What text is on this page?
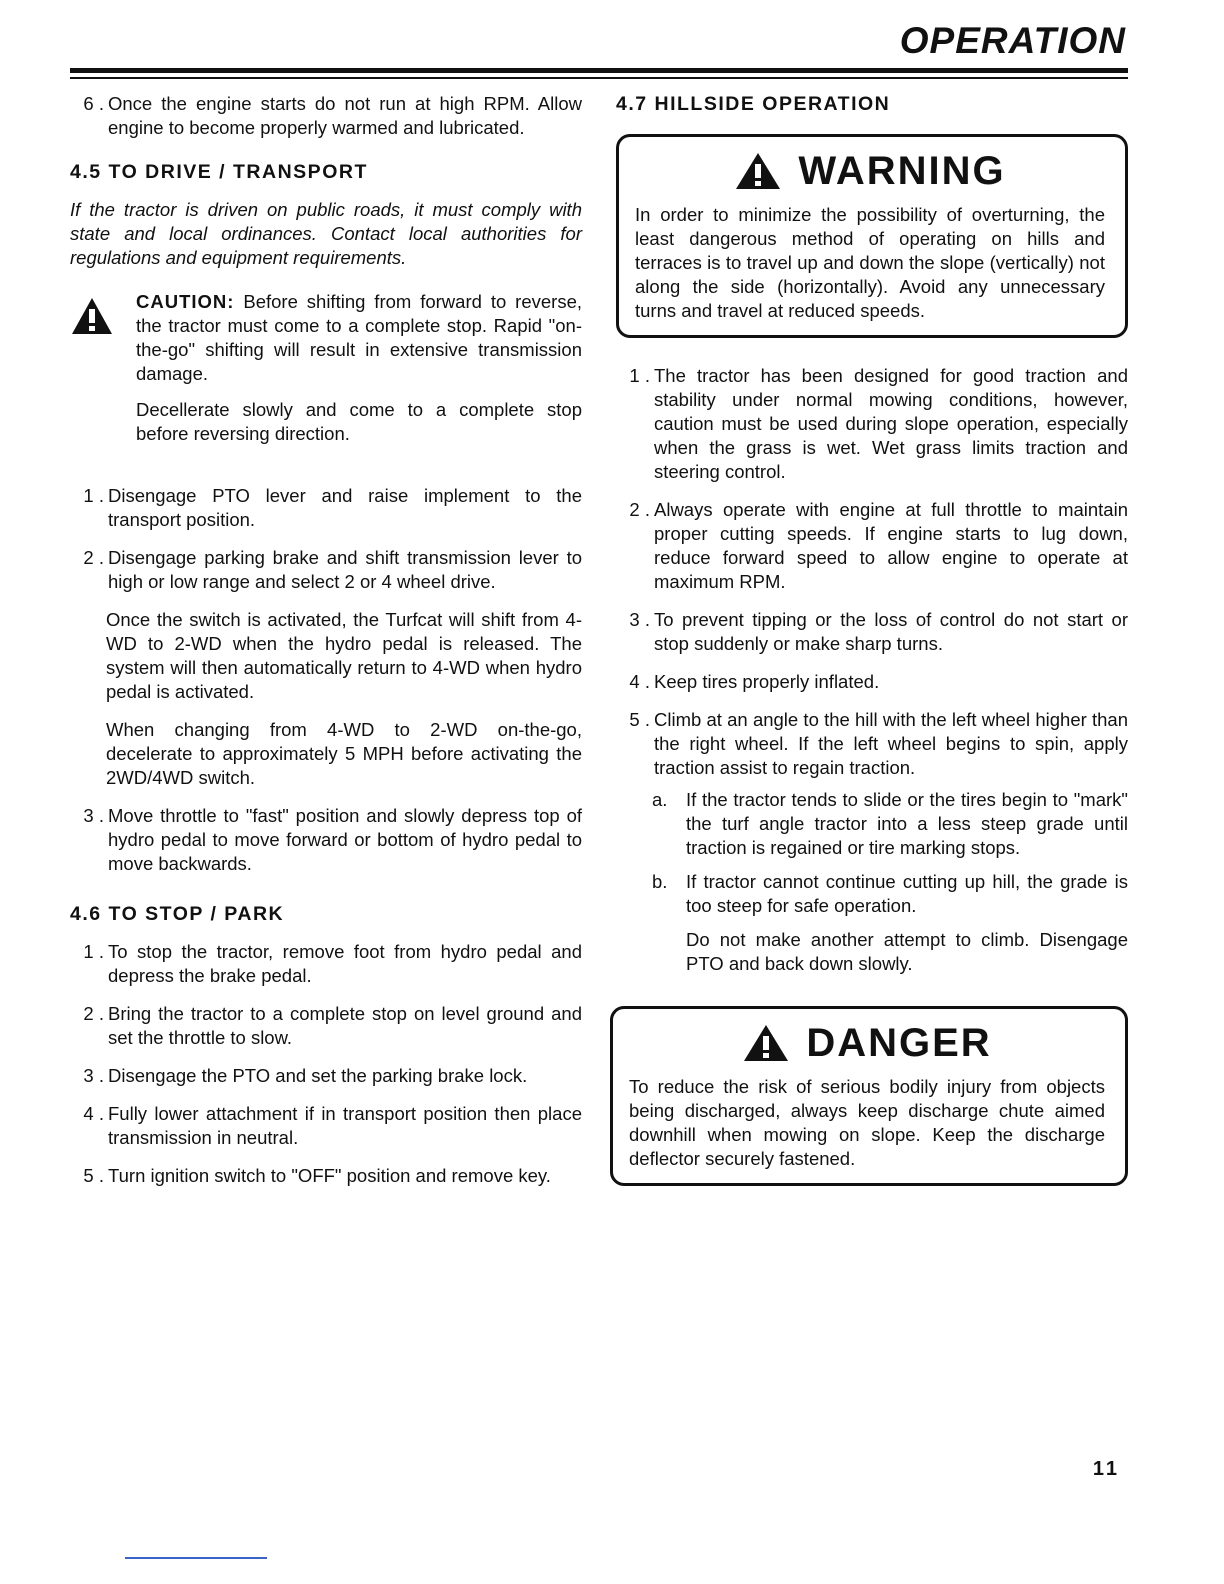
OPERATION
6 . Once the engine starts do not run at high RPM. Allow engine to become properly warmed and lubricated.
4.5 TO DRIVE / TRANSPORT

If the tractor is driven on public roads, it must comply with state and local ordinances. Contact local authorities for regulations and equipment requirements.

CAUTION: Before shifting from forward to reverse, the tractor must come to a complete stop. Rapid "on-the-go" shifting will result in extensive transmission damage.

Decellerate slowly and come to a complete stop before reversing direction.

1 . Disengage PTO lever and raise implement to the transport position.
2 . Disengage parking brake and shift transmission lever to high or low range and select 2 or 4 wheel drive.

Once the switch is activated, the Turfcat will shift from 4-WD to 2-WD when the hydro pedal is released. The system will then automatically return to 4-WD when hydro pedal is activated.

When changing from 4-WD to 2-WD on-the-go, decelerate to approximately 5 MPH before activating the 2WD/4WD switch.

3 . Move throttle to "fast" position and slowly depress top of hydro pedal to move forward or bottom of hydro pedal to move backwards.
4.6 TO STOP / PARK
1 . To stop the tractor, remove foot from hydro pedal and depress the brake pedal.
2 . Bring the tractor to a complete stop on level ground and set the throttle to slow.
3 . Disengage the PTO and set the parking brake lock.
4 . Fully lower attachment if in transport position then place transmission in neutral.
5 . Turn ignition switch to "OFF" position and remove key.
4.7 HILLSIDE OPERATION
WARNING

In order to minimize the possibility of overturning, the least dangerous method of operating on hills and terraces is to travel up and down the slope (vertically) not along the side (horizontally). Avoid any unnecessary turns and travel at reduced speeds.

1 . The tractor has been designed for good traction and stability under normal mowing conditions, however, caution must be used during slope operation, especially when the grass is wet. Wet grass limits traction and steering control.
2 . Always operate with engine at full throttle to maintain proper cutting speeds. If engine starts to lug down, reduce forward speed to allow engine to operate at maximum RPM.
3 . To prevent tipping or the loss of control do not start or stop suddenly or make sharp turns.
4 . Keep tires properly inflated.
5 . Climb at an angle to the hill with the left wheel higher than the right wheel. If the left wheel begins to spin, apply traction assist to regain traction.
a.	If the tractor tends to slide or the tires begin to "mark" the turf angle tractor into a less steep grade until traction is regained or tire marking stops.
b.	If tractor cannot continue cutting up hill, the grade is too steep for safe operation.

Do not make another attempt to climb. Disengage PTO and back down slowly.

DANGER

To reduce the risk of serious bodily injury from objects being discharged, always keep discharge chute aimed downhill when mowing on slope. Keep the discharge deflector securely fastened.

11
